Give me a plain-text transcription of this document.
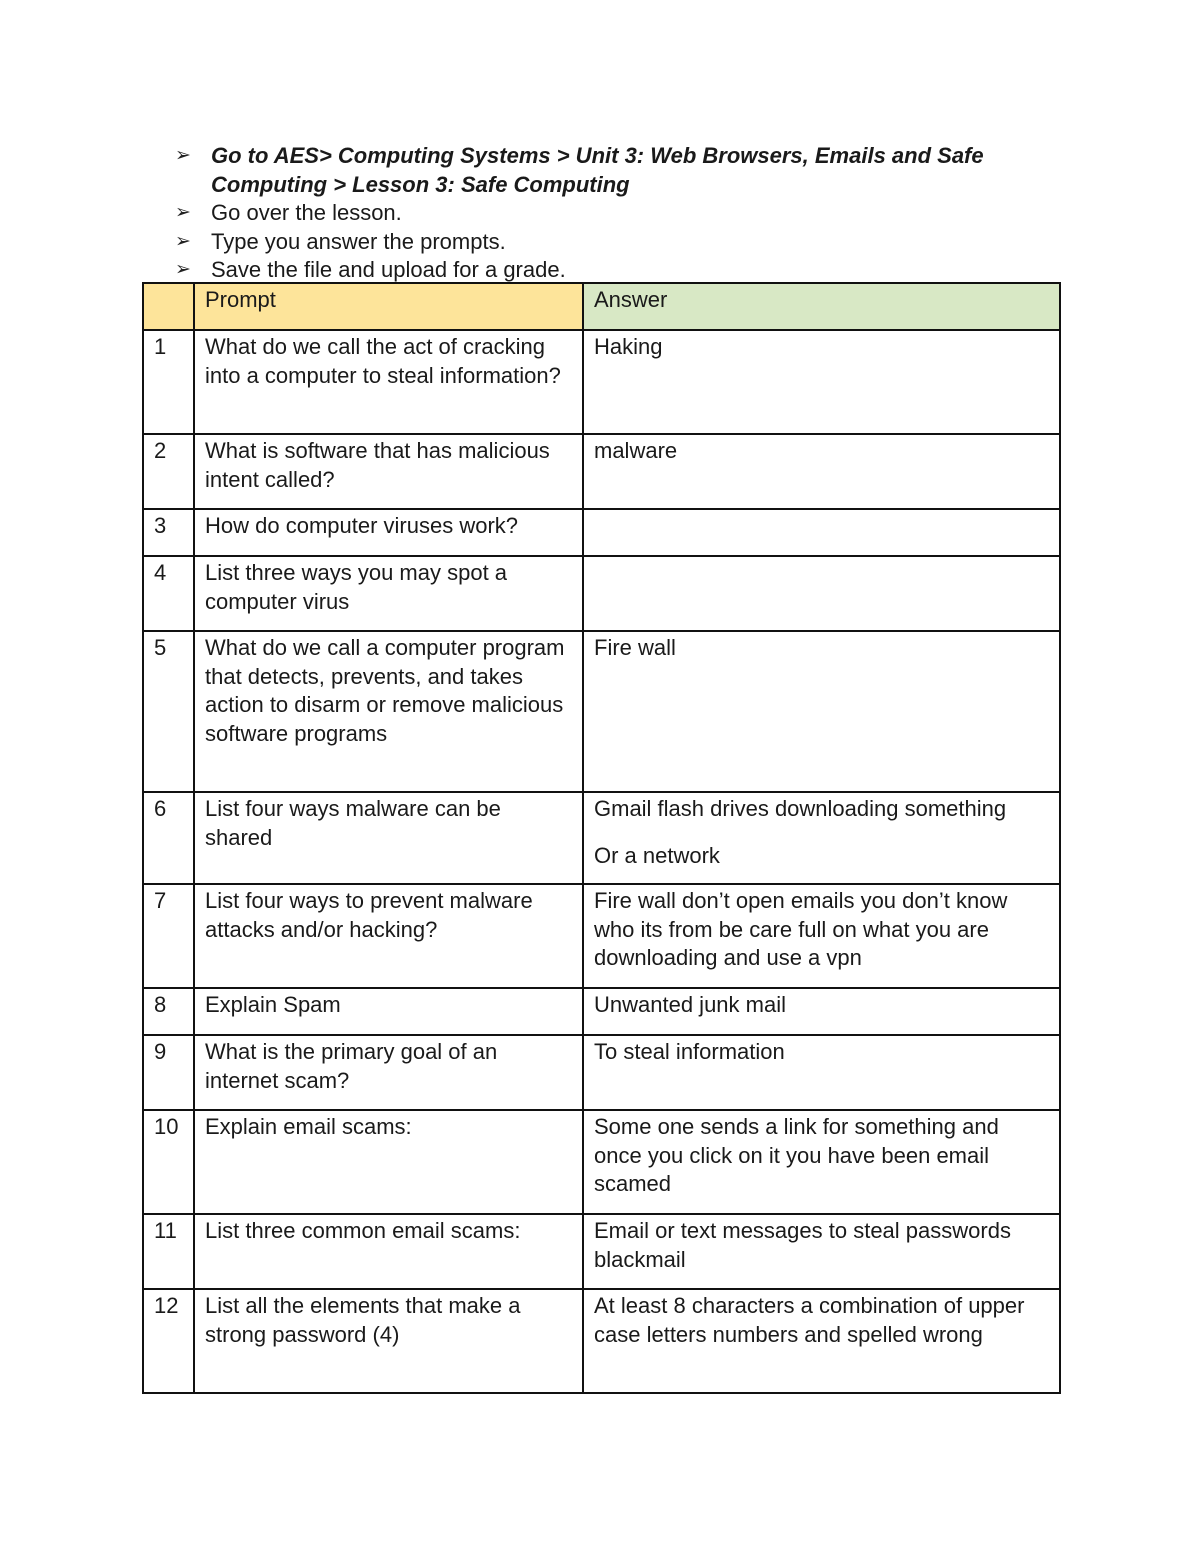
➢ Go to AES> Computing Systems > Unit 3: Web Browsers, Emails and Safe Computing > Lesson 3: Safe Computing
➢ Go over the lesson.
➢ Type you answer the prompts.
➢ Save the file and upload for a grade.
	Prompt	Answer
1	What do we call the act of cracking into a computer to steal information?	Haking
2	What is software that has malicious intent called?	malware
3	How do computer viruses work?	
4	List three ways you may spot a computer virus	
5	What do we call a computer program that detects, prevents, and takes action to disarm or remove malicious software programs	Fire wall
6	List four ways malware can be shared	Gmail flash drives downloading something
Or a network

7	List four ways to prevent malware attacks and/or hacking?	Fire wall don’t open emails you don’t know who its from be care full on what you are downloading and use a vpn
8	Explain Spam	Unwanted junk mail
9	What is the primary goal of an internet scam?	To steal information
10	Explain email scams:	Some one sends a link for something and once you click on it you have been email scamed
11	List three common email scams:	Email or text messages to steal passwords blackmail
12	List all the elements that make a strong password (4)	At least 8 characters a combination of upper case letters numbers and spelled wrong
